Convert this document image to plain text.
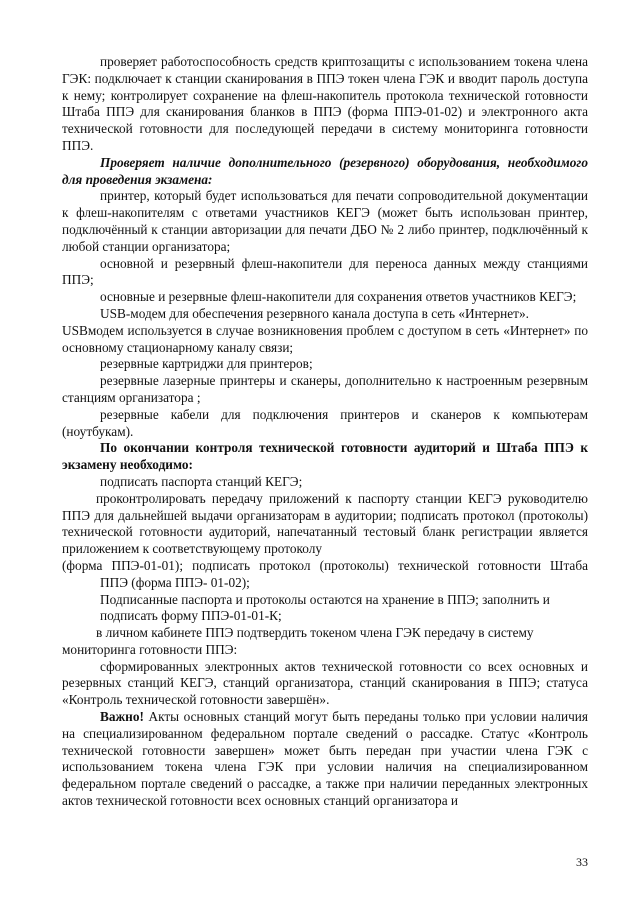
проверяет работоспособность средств криптозащиты с использованием токена члена ГЭК: подключает к станции сканирования в ППЭ токен члена ГЭК и вводит пароль доступа к нему; контролирует сохранение на флеш-накопитель протокола технической готовности Штаба ППЭ для сканирования бланков в ППЭ (форма ППЭ-01-02) и электронного акта технической готовности для последующей передачи в систему мониторинга готовности ППЭ.

Проверяет наличие дополнительного (резервного) оборудования, необходимого для проведения экзамена:

принтер, который будет использоваться для печати сопроводительной документации к флеш-накопителям с ответами участников КЕГЭ (может быть использован принтер, подключённый к станции авторизации для печати ДБО № 2 либо принтер, подключённый к любой станции организатора;

основной и резервный флеш-накопители для переноса данных между станциями ППЭ;

основные и резервные флеш-накопители для сохранения ответов участников КЕГЭ;

USB-модем для обеспечения резервного канала доступа в сеть «Интернет».

USBмодем используется в случае возникновения проблем с доступом в сеть «Интернет» по основному стационарному каналу связи;

резервные картриджи для принтеров;

резервные лазерные принтеры и сканеры, дополнительно к настроенным резервным станциям организатора ;

резервные кабели для подключения принтеров и сканеров к компьютерам (ноутбукам).

По окончании контроля технической готовности аудиторий и Штаба ППЭ к экзамену необходимо:

подписать паспорта станций КЕГЭ;

проконтролировать передачу приложений к паспорту станции КЕГЭ руководителю ППЭ для дальнейшей выдачи организаторам в аудитории; подписать протокол (протоколы) технической готовности аудиторий, напечатанный тестовый бланк регистрации является приложением к соответствующему протоколу

(форма ППЭ-01-01); подписать протокол (протоколы) технической готовности Штаба

ППЭ (форма ППЭ- 01-02);

Подписанные паспорта и протоколы остаются на хранение в ППЭ; заполнить и

подписать форму ППЭ-01-01-К;

в личном кабинете ППЭ подтвердить токеном члена ГЭК передачу в систему

мониторинга готовности ППЭ:

сформированных электронных актов технической готовности со всех основных и резервных станций КЕГЭ, станций организатора, станций сканирования в ППЭ; статуса «Контроль технической готовности завершён».

Важно! Акты основных станций могут быть переданы только при условии наличия на специализированном федеральном портале сведений о рассадке. Статус «Контроль технической готовности завершен» может быть передан при участии члена ГЭК с использованием токена члена ГЭК при условии наличия на специализированном федеральном портале сведений о рассадке, а также при наличии переданных электронных актов технической готовности всех основных станций организатора и

33
